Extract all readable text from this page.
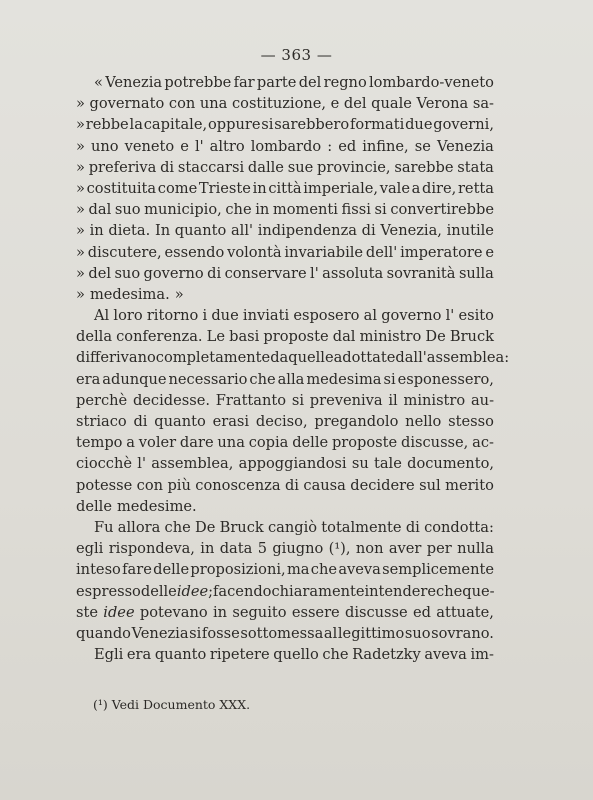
— 363 —
« Venezia potrebbe far parte del regno lombardo-veneto
» governato con una costituzione, e del quale Verona sa-
» rebbe la capitale, oppure si sarebbero formati due governi,
» uno veneto e l' altro lombardo : ed infine, se Venezia
» preferiva di staccarsi dalle sue provincie, sarebbe stata
» costituita come Trieste in città imperiale, vale a dire, retta
» dal suo municipio, che in momenti fissi si convertirebbe
» in dieta. In quanto all' indipendenza di Venezia, inutile
» discutere, essendo volontà invariabile dell' imperatore e
» del suo governo di conservare l' assoluta sovranità sulla
» medesima. »
Al loro ritorno i due inviati esposero al governo l' esito
della conferenza. Le basi proposte dal ministro De Bruck
differivano completamente da quelle adottate dall' assemblea:
era adunque necessario che alla medesima si esponessero,
perchè decidesse. Frattanto si preveniva il ministro au-
striaco di quanto erasi deciso, pregandolo nello stesso
tempo a voler dare una copia delle proposte discusse, ac-
ciocchè l' assemblea, appoggiandosi su tale documento,
potesse con più conoscenza di causa decidere sul merito
delle medesime.
Fu allora che De Bruck cangiò totalmente di condotta:
egli rispondeva, in data 5 giugno (¹), non aver per nulla
inteso fare delle proposizioni, ma che aveva semplicemente
espresso delle idee; facendo chiaramente intendere che que-
ste idee potevano in seguito essere discusse ed attuate,
quando Venezia si fosse sottomessa al legittimo suo sovrano.
Egli era quanto ripetere quello che Radetzky aveva im-
(¹) Vedi Documento XXX.
